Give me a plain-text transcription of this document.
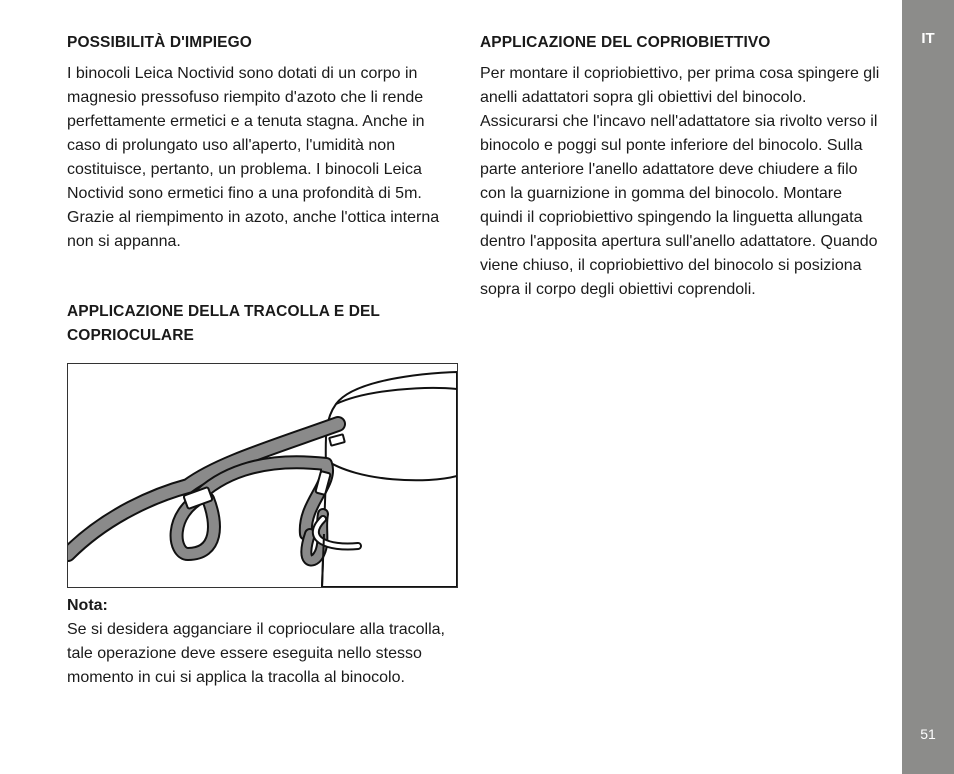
POSSIBILITÀ D'IMPIEGO

I binocoli Leica Noctivid sono dotati di un corpo in magnesio pressofuso riempito d'azoto che li rende perfettamente ermetici e a tenuta stagna. Anche in caso di prolungato uso all'aperto, l'umidità non costituisce, pertanto, un problema. I binocoli Leica Noctivid sono ermetici fino a una profondità di 5m. Grazie al riempimento in azoto, anche l'ottica interna non si appanna.

APPLICAZIONE DELLA TRACOLLA E DEL COPRIOCULARE
Nota:

Se si desidera agganciare il coprioculare alla tracolla, tale operazione deve essere eseguita nello stesso momento in cui si applica la tracolla al binocolo.

APPLICAZIONE DEL COPRIOBIETTIVO

Per montare il copriobiettivo, per prima cosa spingere gli anelli adattatori sopra gli obiettivi del binocolo. Assicurarsi che l'incavo nell'adattatore sia rivolto verso il binocolo e poggi sul ponte inferiore del binocolo. Sulla parte anteriore l'anello adattatore deve chiudere a filo con la guarnizione in gomma del binocolo. Montare quindi il copriobiettivo spingendo la linguetta allungata dentro l'apposita apertura sull'anello adattatore. Quando viene chiuso, il copriobiettivo del binocolo si posiziona sopra il corpo degli obiettivi coprendoli.

IT
51
